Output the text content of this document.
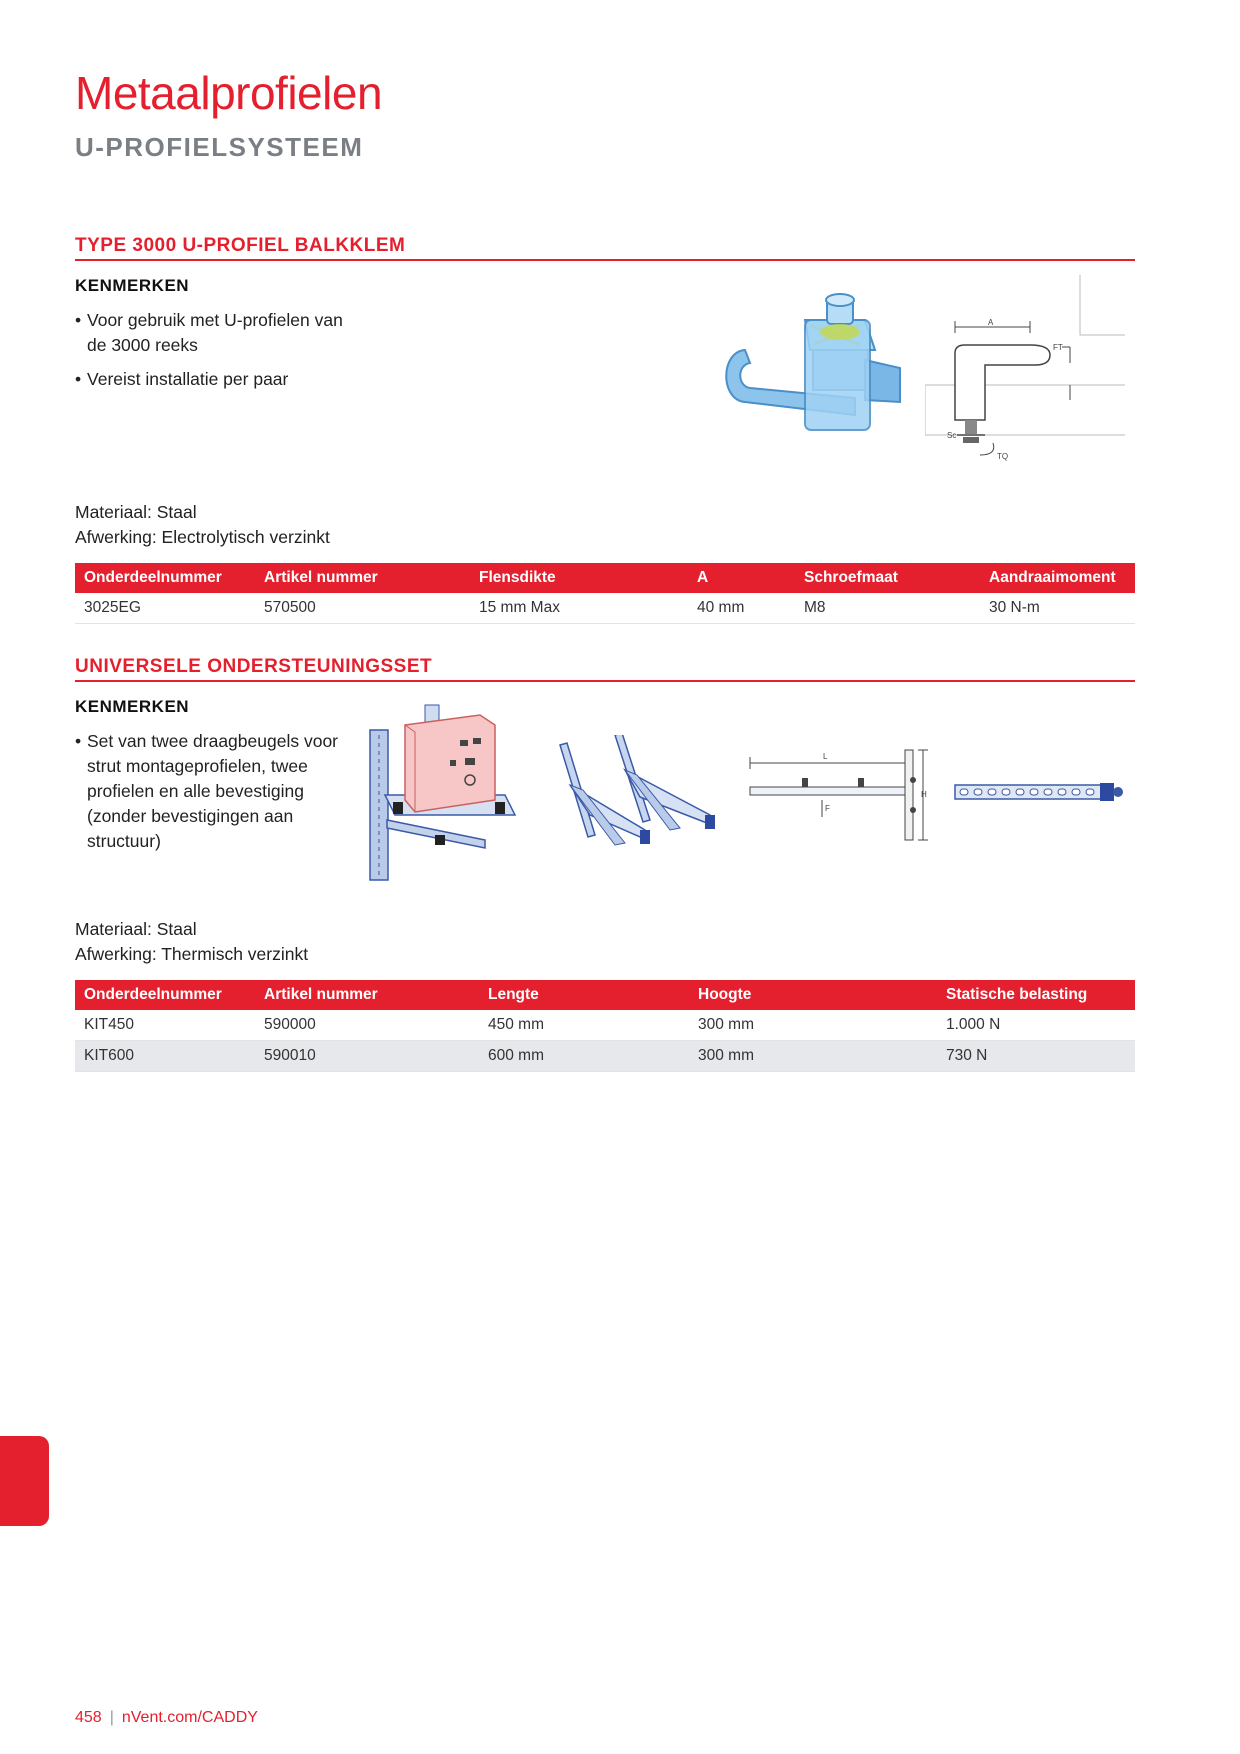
Metaalprofielen
U-PROFIELSYSTEEM
TYPE 3000 U-PROFIEL BALKKLEM
KENMERKEN
• Voor gebruik met U-profielen van de 3000 reeks
• Vereist installatie per paar
A
FT
Sc
TQ
Materiaal: Staal
Afwerking: Electrolytisch verzinkt
Onderdeelnummer	Artikel nummer	Flensdikte	A	Schroefmaat	Aandraaimoment
3025EG	570500	15 mm Max	40 mm	M8	30 N-m
UNIVERSELE ONDERSTEUNINGSSET
KENMERKEN
• Set van twee draagbeugels voor strut montageprofielen, twee profielen en alle bevestiging (zonder bevestigingen aan structuur)
L
H
F
Materiaal: Staal
Afwerking: Thermisch verzinkt
Onderdeelnummer	Artikel nummer	Lengte	Hoogte	Statische belasting
KIT450	590000	450 mm	300 mm	1.000 N
KIT600	590010	600 mm	300 mm	730 N
458 | nVent.com/CADDY
